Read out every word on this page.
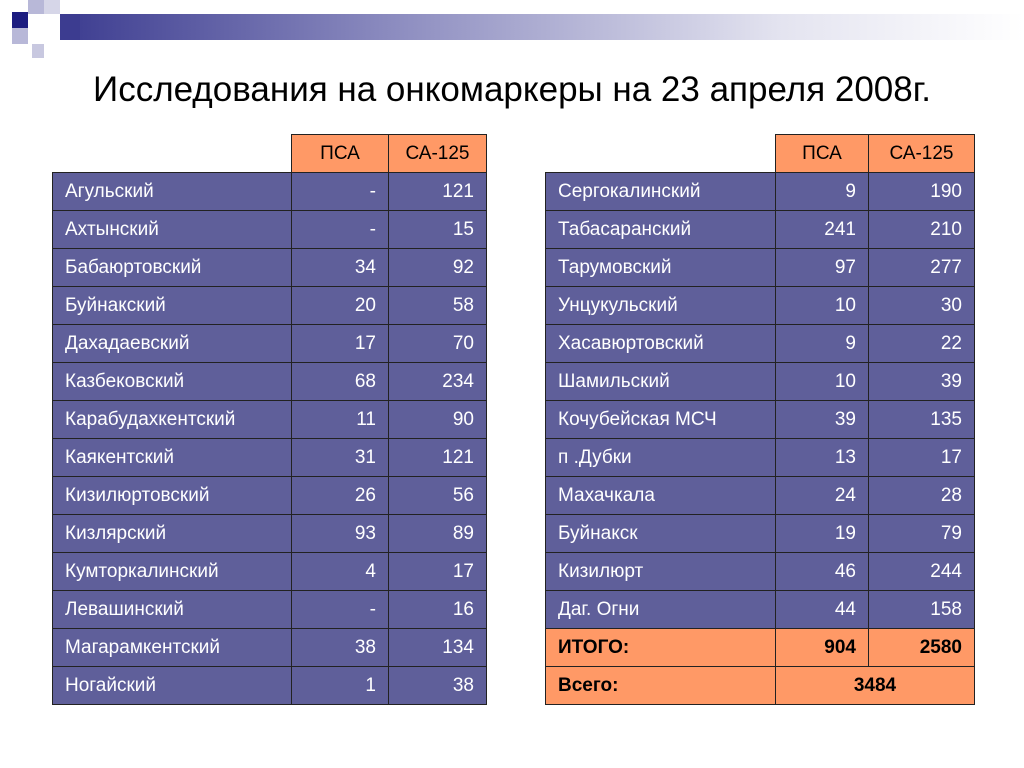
Исследования на онкомаркеры на 23 апреля 2008г.
	ПСА	СА-125
Агульский	-	121
Ахтынский	-	15
Бабаюртовский	34	92
Буйнакский	20	58
Дахадаевский	17	70
Казбековский	68	234
Карабудахкентский	11	90
Каякентский	31	121
Кизилюртовский	26	56
Кизлярский	93	89
Кумторкалинский	4	17
Левашинский	-	16
Магарамкентский	38	134
Ногайский	1	38
	ПСА	СА-125
Сергокалинский	9	190
Табасаранский	241	210
Тарумовский	97	277
Унцукульский	10	30
Хасавюртовский	9	22
Шамильский	10	39
Кочубейская МСЧ	39	135
п .Дубки	13	17
Махачкала	24	28
Буйнакск	19	79
Кизилюрт	46	244
Даг. Огни	44	158
ИТОГО:	904	2580
Всего:	3484	
